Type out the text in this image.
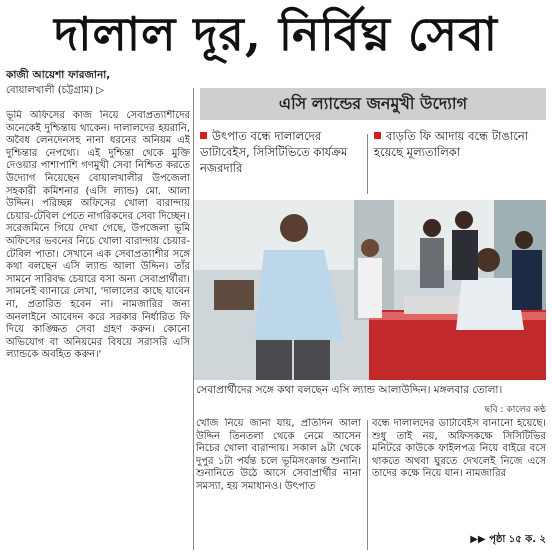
দালাল দূর, নির্বিঘ্ন সেবা
কাজী আয়েশা ফারজানা,
বোয়ালখালী (চট্টগ্রাম) ▷

ভূমি অফিসের কাজ নিয়ে সেবাপ্রত্যাশীদের অনেকেই দুশ্চিন্তায় থাকেন। দালালদের হয়রানি, অবৈধ লেনদেনসহ নানা ধরনের অনিয়ম এই দুশ্চিন্তার নেপথ্যে। এই দুশ্চিন্তা থেকে মুক্তি দেওয়ার পাশাপাশি গণমুখী সেবা নিশ্চিত করতে উদ্যোগ নিয়েছেন বোয়ালখালীর উপজেলা সহকারী কমিশনার (এসি ল্যান্ড) মো. আলা উদ্দিন। পরিচ্ছন্ন অফিসের খোলা বারান্দায় চেয়ার-টেবিল পেতে নাগরিকদের সেবা দিচ্ছেন।

সরেজমিনে গিয়ে দেখা গেছে, উপজেলা ভূমি অফিসের ভবনের নিচে খোলা বারান্দায় চেয়ার-টেবিল পাতা। সেখানে এক সেবাপ্রত্যাশীর সঙ্গে কথা বলছেন এসি ল্যান্ড আলা উদ্দিন। তাঁর সামনে সারিবদ্ধ চেয়ারে বসা অন্য সেবাপ্রার্থীরা। সামনেই ব্যানারে লেখা, 'দালালের কাছে যাবেন না, প্রতারিত হবেন না। নামজারির জন্য অনলাইনে আবেদন করে সরকার নির্ধারিত ফি দিয়ে কাঙ্ক্ষিত সেবা গ্রহণ করুন। কোনো অভিযোগ বা অনিয়মের বিষয়ে সরাসরি এসি ল্যান্ডকে অবহিত করুন।'

এসি ল্যান্ডের জনমুখী উদ্যোগ
উৎপাত বন্ধে দালালদের ডাটাবেইস, সিসিটিভিতে কার্যক্রম নজরদারি
বাড়তি ফি আদায় বন্ধে টাঙানো হয়েছে মূল্যতালিকা
সেবাপ্রার্থীদের সঙ্গে কথা বলছেন এসি ল্যান্ড আলাউদ্দিন। মঙ্গলবার তোলা।
ছবি : কালের কণ্ঠ
খোঁজ নিয়ে জানা যায়, প্রতিদিন আলা উদ্দিন তিনতলা থেকে নেমে আসেন নিচের খোলা বারান্দায়। সকাল ৯টা থেকে দুপুর ১টা পর্যন্ত চলে ভূমিসংক্রান্ত শুনানি। শুনানিতে উঠে আসে সেবাপ্রার্থীর নানা সমস্যা, হয় সমাধানও। উৎপাত
বন্ধে দালালদের ডাটাবেইস বানানো হয়েছে। শুধু তাই নয়, অফিসকক্ষে সিসিটিভির মনিটরে কাউকে ফাইলপত্র নিয়ে বাইরে বসে থাকতে অথবা ঘুরতে দেখলেই নিজে এসে তাদের কক্ষে নিয়ে যান। নামজারির
▶▶ পৃষ্ঠা ১৫ ক. ২
